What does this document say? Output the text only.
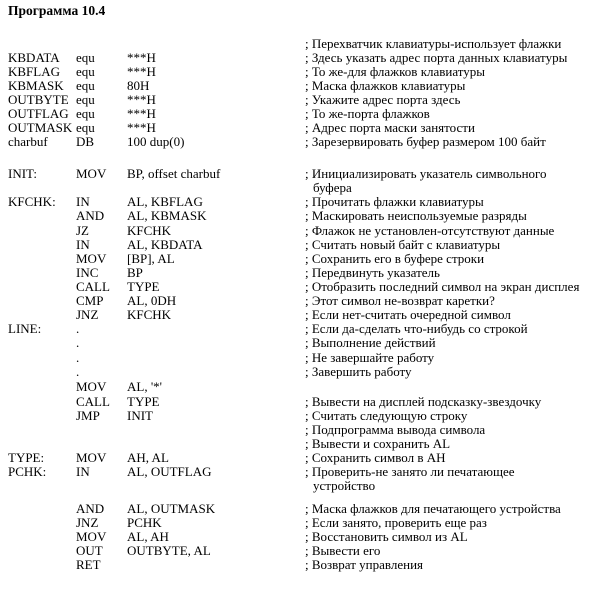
Программа 10.4
; Перехватчик клавиатуры-использует флажки
KBDATA equ ***H	; Здесь указать адрес порта данных клавиатуры
KBFLAG equ ***H	; То же-для флажков клавиатуры
KBMASK equ 80H	; Маска флажков клавиатуры
OUTBYTE equ ***H	; Укажите адрес порта здесь
OUTFLAG equ ***H	; То же-порта флажков
OUTMASK equ ***H	; Адрес порта маски занятости
charbuf DB	100 dup(0)	; Зарезервировать буфер размером 100 байт
INIT:	MOV BP, offset charbuf	; Инициализировать указатель символьного
буфера
KFCHK: IN	AL, KBFLAG	; Прочитать флажки клавиатуры
AND AL, KBMASK	; Маскировать неиспользуемые разряды
JZ	KFCHK	; Флажок не установлен-отсутствуют данные
IN	AL, KBDATA	; Считать новый байт с клавиатуры
MOV [BP], AL	; Сохранить его в буфере строки
INC BP	; Передвинуть указатель
CALL TYPE	; Отобразить последний символ на экран дисплея
CMP AL, 0DH	; Этот символ не-возврат каретки?
JNZ KFCHK	; Если нет-считать очередной символ
LINE:	.	; Если да-сделать что-нибудь со строкой
.	; Выполнение действий
.	; Не завершайте работу
.	; Завершить работу
MOV AL, '*'
CALL TYPE	; Вывести на дисплей подсказку-звездочку
JMP INIT	; Считать следующую строку
; Подпрограмма вывода символа
; Вывести и сохранить AL
TYPE: MOV AH, AL	; Сохранить символ в AH
PCHK: IN	AL, OUTFLAG	; Проверить-не занято ли печатающее
устройство
AND AL, OUTMASK	; Маска флажков для печатающего устройства
JNZ PCHK	; Если занято, проверить еще раз
MOV AL, AH	; Восстановить символ из AL
OUT OUTBYTE, AL	; Вывести его
RET	; Возврат управления
